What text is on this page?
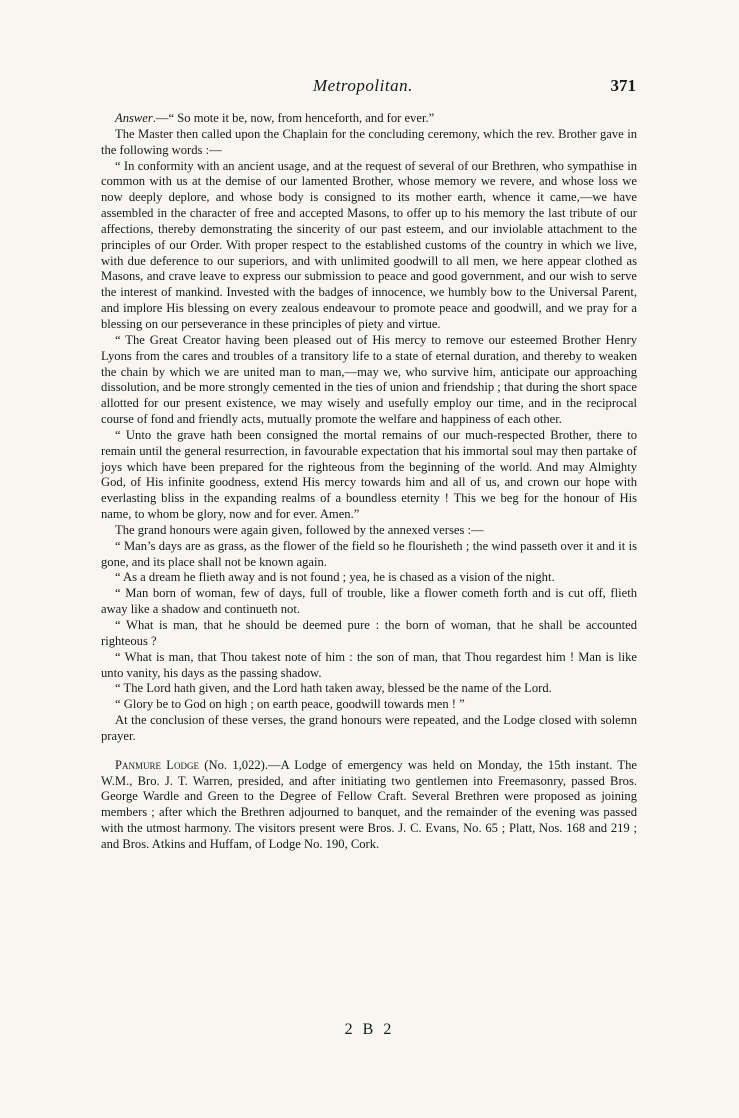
Metropolitan.	371

Answer.—“ So mote it be, now, from henceforth, and for ever.”

The Master then called upon the Chaplain for the concluding ceremony, which the rev. Brother gave in the following words :—

“ In conformity with an ancient usage, and at the request of several of our Brethren, who sympathise in common with us at the demise of our lamented Brother, whose memory we revere, and whose loss we now deeply deplore, and whose body is consigned to its mother earth, whence it came,—we have assembled in the character of free and accepted Masons, to offer up to his memory the last tribute of our affections, thereby demonstrating the sincerity of our past esteem, and our inviolable attachment to the principles of our Order. With proper respect to the established customs of the country in which we live, with due deference to our superiors, and with unlimited goodwill to all men, we here appear clothed as Masons, and crave leave to express our submission to peace and good government, and our wish to serve the interest of mankind. Invested with the badges of innocence, we humbly bow to the Universal Parent, and implore His blessing on every zealous endeavour to promote peace and goodwill, and we pray for a blessing on our perseverance in these principles of piety and virtue.

“ The Great Creator having been pleased out of His mercy to remove our esteemed Brother Henry Lyons from the cares and troubles of a transitory life to a state of eternal duration, and thereby to weaken the chain by which we are united man to man,—may we, who survive him, anticipate our approaching dissolution, and be more strongly cemented in the ties of union and friendship ; that during the short space allotted for our present existence, we may wisely and usefully employ our time, and in the reciprocal course of fond and friendly acts, mutually promote the welfare and happiness of each other.

“ Unto the grave hath been consigned the mortal remains of our much-respected Brother, there to remain until the general resurrection, in favourable expectation that his immortal soul may then partake of joys which have been prepared for the righteous from the beginning of the world. And may Almighty God, of His infinite goodness, extend His mercy towards him and all of us, and crown our hope with everlasting bliss in the expanding realms of a boundless eternity ! This we beg for the honour of His name, to whom be glory, now and for ever. Amen.”

The grand honours were again given, followed by the annexed verses :—

“ Man’s days are as grass, as the flower of the field so he flourisheth ; the wind passeth over it and it is gone, and its place shall not be known again.

“ As a dream he flieth away and is not found ; yea, he is chased as a vision of the night.

“ Man born of woman, few of days, full of trouble, like a flower cometh forth and is cut off, flieth away like a shadow and continueth not.

“ What is man, that he should be deemed pure : the born of woman, that he shall be accounted righteous ?

“ What is man, that Thou takest note of him : the son of man, that Thou regardest him ! Man is like unto vanity, his days as the passing shadow.

“ The Lord hath given, and the Lord hath taken away, blessed be the name of the Lord.

“ Glory be to God on high ; on earth peace, goodwill towards men ! ”

At the conclusion of these verses, the grand honours were repeated, and the Lodge closed with solemn prayer.

Panmure Lodge (No. 1,022).—A Lodge of emergency was held on Monday, the 15th instant. The W.M., Bro. J. T. Warren, presided, and after initiating two gentlemen into Freemasonry, passed Bros. George Wardle and Green to the Degree of Fellow Craft. Several Brethren were proposed as joining members ; after which the Brethren adjourned to banquet, and the remainder of the evening was passed with the utmost harmony. The visitors present were Bros. J. C. Evans, No. 65 ; Platt, Nos. 168 and 219 ; and Bros. Atkins and Huffam, of Lodge No. 190, Cork.

2 B 2
